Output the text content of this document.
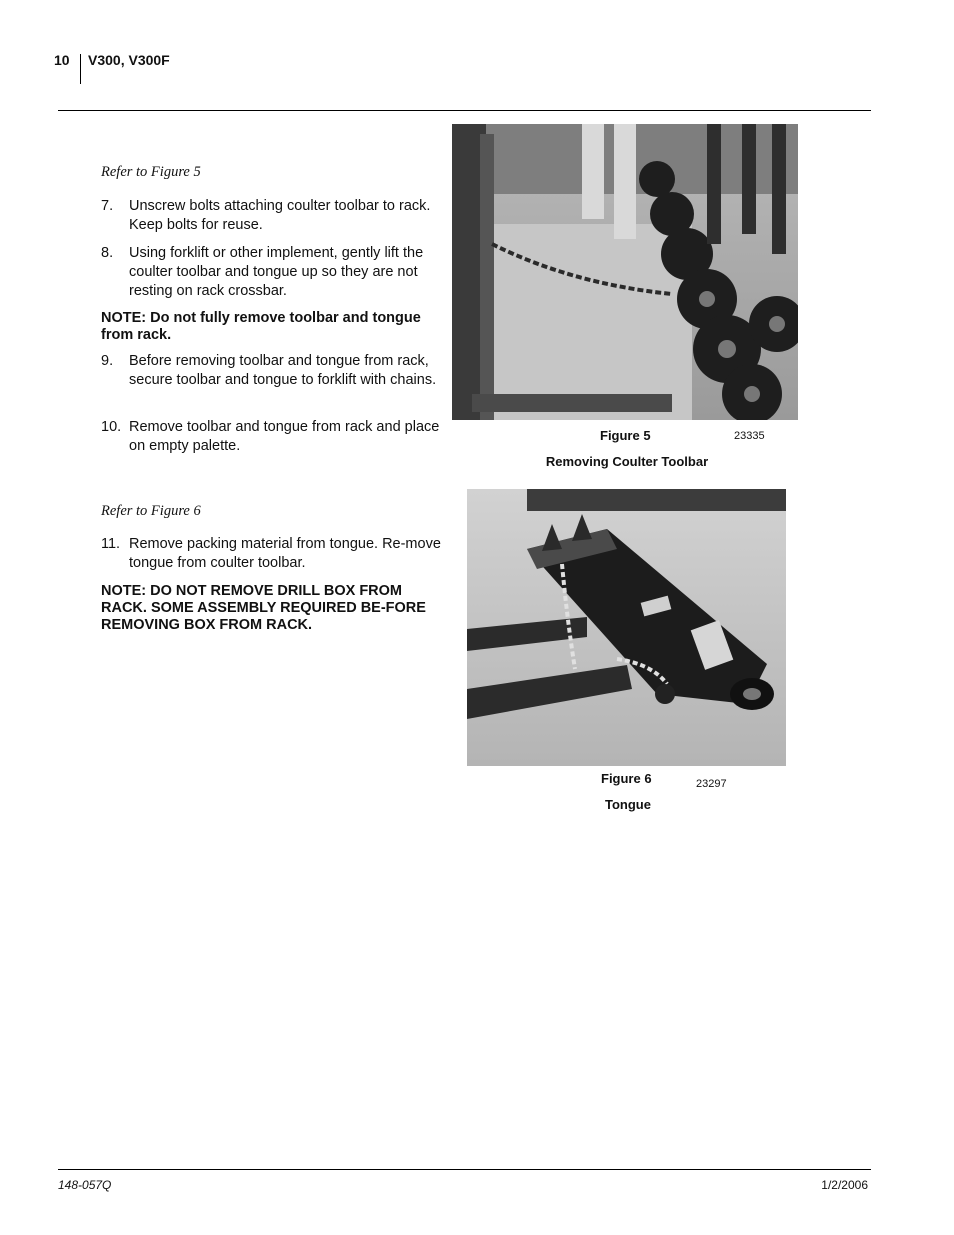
10 V300, V300F
Refer to Figure 5
7. Unscrew bolts attaching coulter toolbar to rack. Keep bolts for reuse.
8. Using forklift or other implement, gently lift the coulter toolbar and tongue up so they are not resting on rack crossbar.
NOTE: Do not fully remove toolbar and tongue from rack.
9. Before removing toolbar and tongue from rack, secure toolbar and tongue to forklift with chains.
10. Remove toolbar and tongue from rack and place on empty palette.
Refer to Figure 6
11. Remove packing material from tongue. Re-move tongue from coulter toolbar.
NOTE: DO NOT REMOVE DRILL BOX FROM RACK. SOME ASSEMBLY REQUIRED BE-FORE REMOVING BOX FROM RACK.
Figure 5	23335
Removing Coulter Toolbar
Figure 6	23297
Tongue
148-057Q	1/2/2006
